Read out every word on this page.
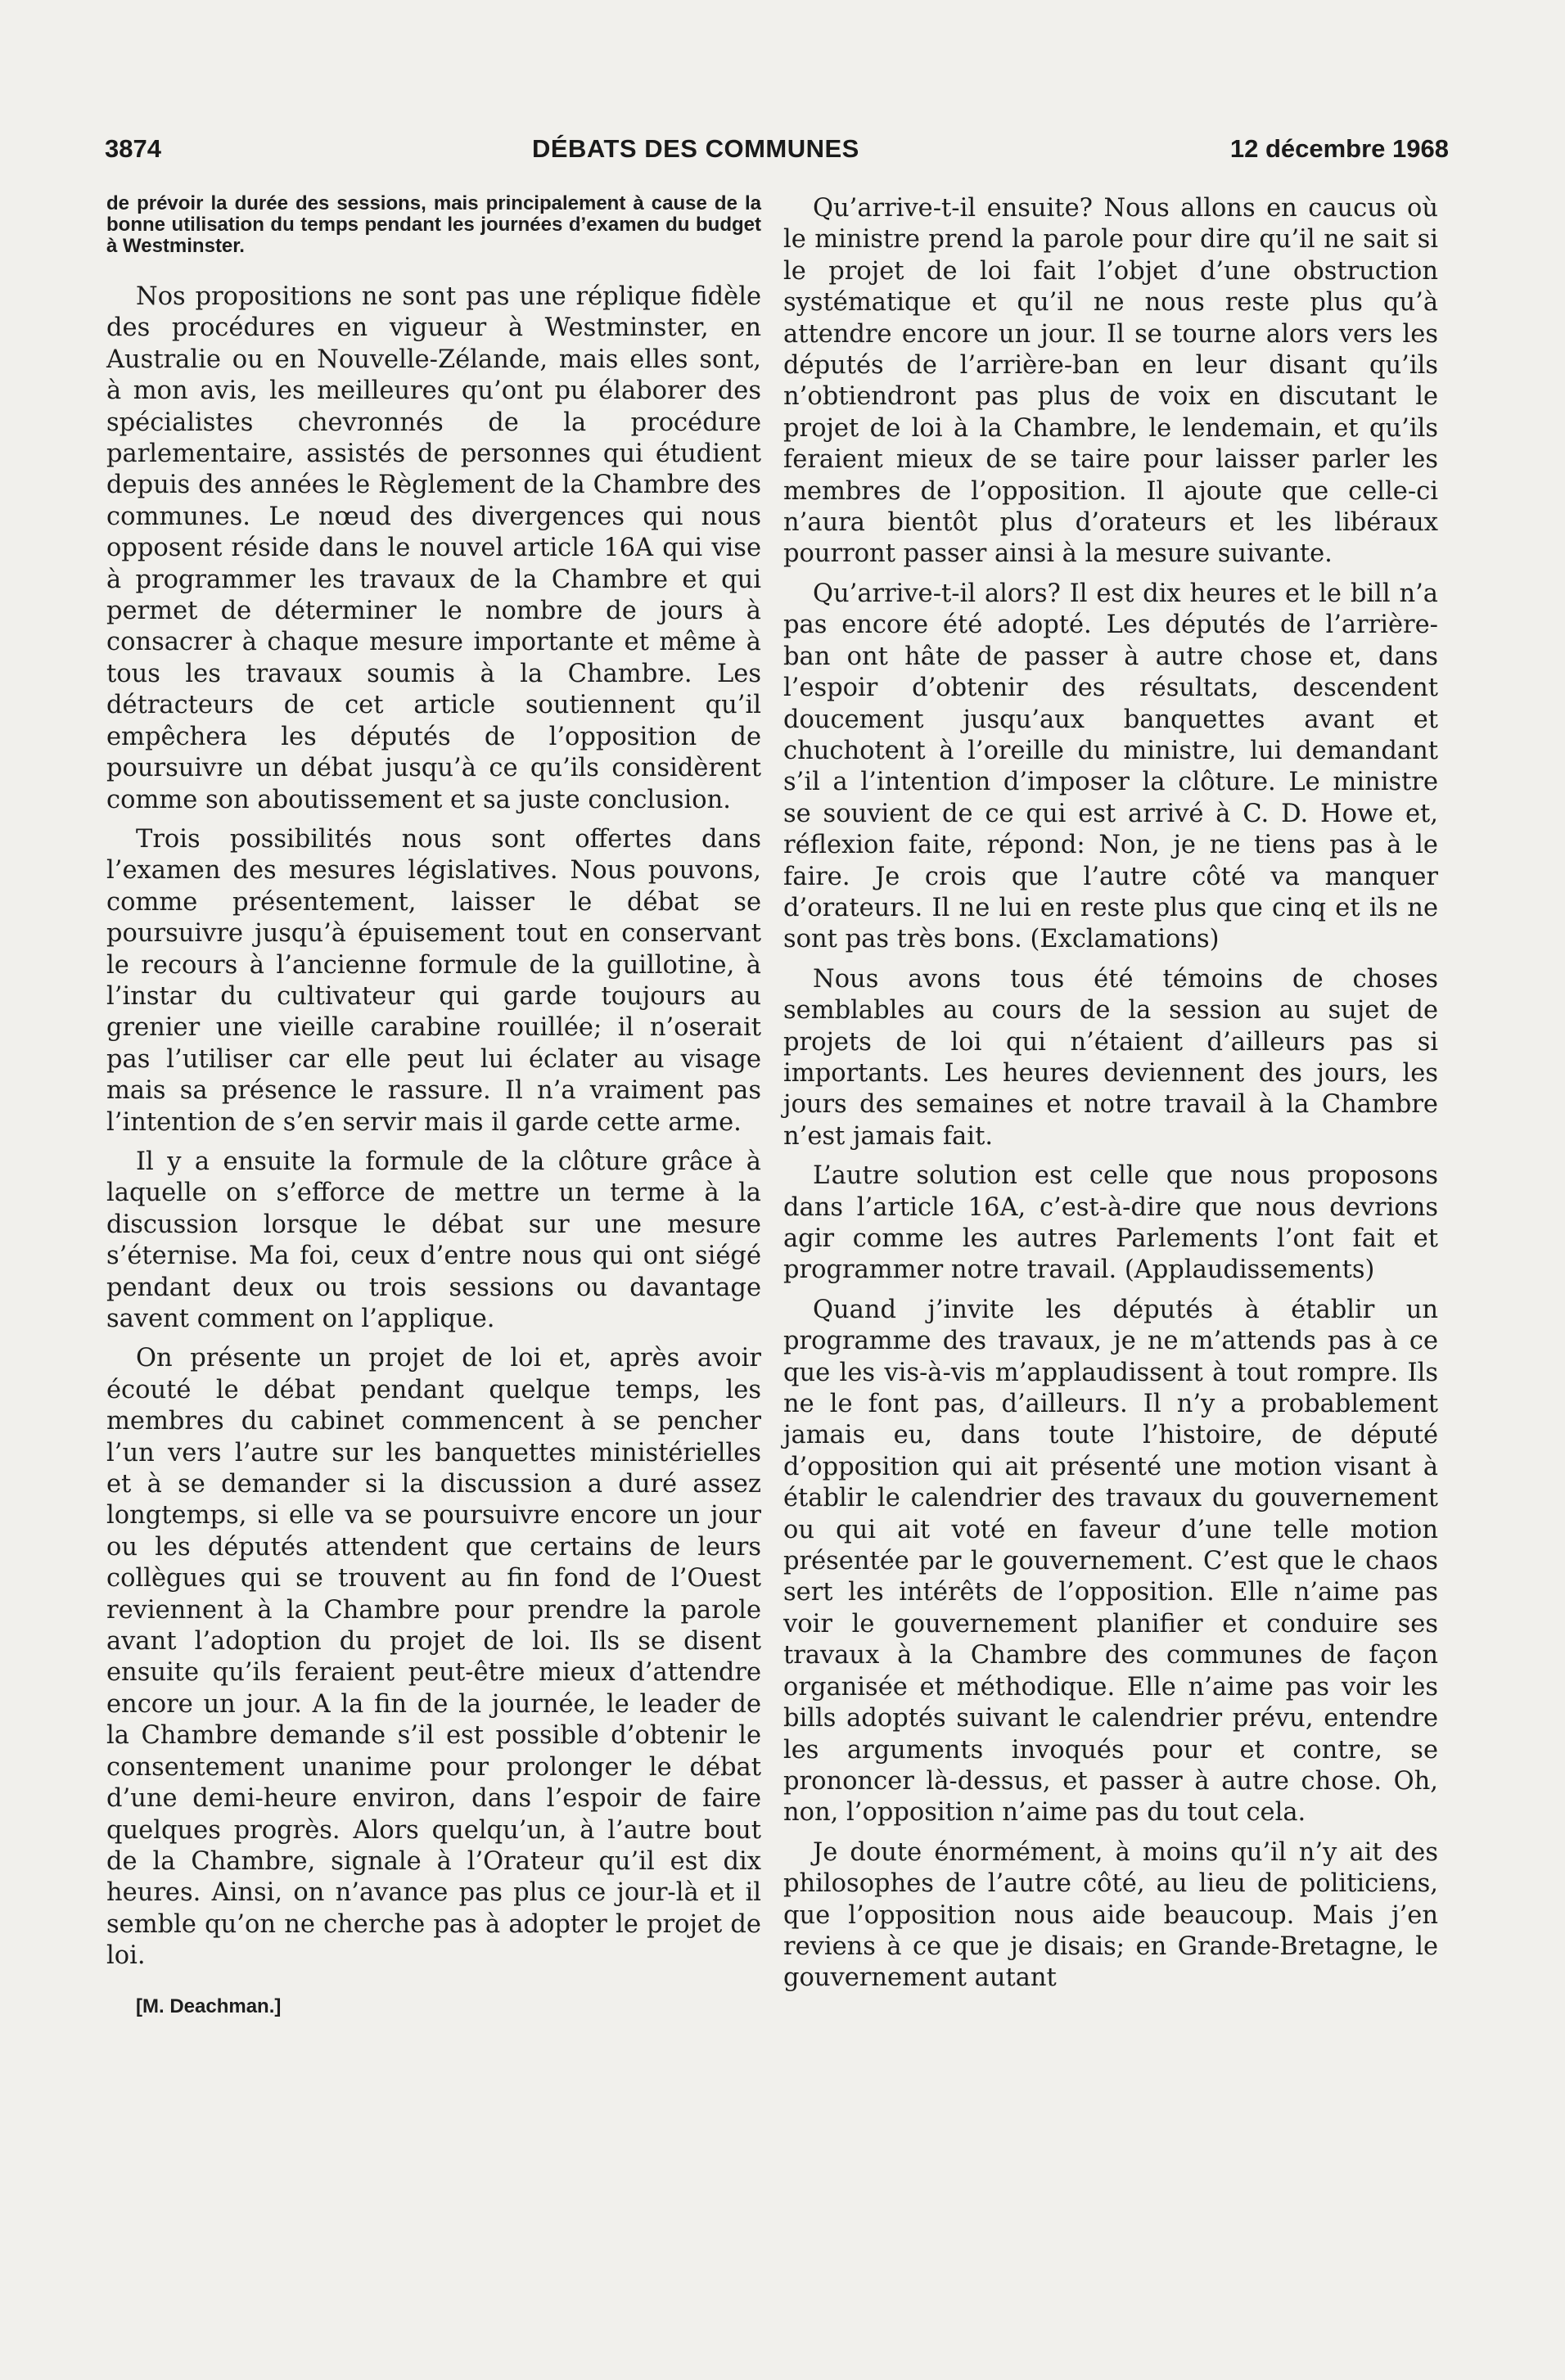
3874	DÉBATS DES COMMUNES	12 décembre 1968

de prévoir la durée des sessions, mais principalement à cause de la bonne utilisation du temps pendant les journées d’examen du budget à Westminster.

Nos propositions ne sont pas une réplique fidèle des procédures en vigueur à Westminster, en Australie ou en Nouvelle-Zélande, mais elles sont, à mon avis, les meilleures qu’ont pu élaborer des spécialistes chevronnés de la procédure parlementaire, assistés de personnes qui étudient depuis des années le Règlement de la Chambre des communes. Le nœud des divergences qui nous opposent réside dans le nouvel article 16A qui vise à programmer les travaux de la Chambre et qui permet de déterminer le nombre de jours à consacrer à chaque mesure importante et même à tous les travaux soumis à la Chambre. Les détracteurs de cet article soutiennent qu’il empêchera les députés de l’opposition de poursuivre un débat jusqu’à ce qu’ils considèrent comme son aboutissement et sa juste conclusion.

Trois possibilités nous sont offertes dans l’examen des mesures législatives. Nous pouvons, comme présentement, laisser le débat se poursuivre jusqu’à épuisement tout en conservant le recours à l’ancienne formule de la guillotine, à l’instar du cultivateur qui garde toujours au grenier une vieille carabine rouillée; il n’oserait pas l’utiliser car elle peut lui éclater au visage mais sa présence le rassure. Il n’a vraiment pas l’intention de s’en servir mais il garde cette arme.

Il y a ensuite la formule de la clôture grâce à laquelle on s’efforce de mettre un terme à la discussion lorsque le débat sur une mesure s’éternise. Ma foi, ceux d’entre nous qui ont siégé pendant deux ou trois sessions ou davantage savent comment on l’applique.

On présente un projet de loi et, après avoir écouté le débat pendant quelque temps, les membres du cabinet commencent à se pencher l’un vers l’autre sur les banquettes ministérielles et à se demander si la discussion a duré assez longtemps, si elle va se poursuivre encore un jour ou les députés attendent que certains de leurs collègues qui se trouvent au fin fond de l’Ouest reviennent à la Chambre pour prendre la parole avant l’adoption du projet de loi. Ils se disent ensuite qu’ils feraient peut-être mieux d’attendre encore un jour. A la fin de la journée, le leader de la Chambre demande s’il est possible d’obtenir le consentement unanime pour prolonger le débat d’une demi-heure environ, dans l’espoir de faire quelques progrès. Alors quelqu’un, à l’autre bout de la Chambre, signale à l’Orateur qu’il est dix heures. Ainsi, on n’avance pas plus ce jour-là et il semble qu’on ne cherche pas à adopter le projet de loi.

[M. Deachman.]

Qu’arrive-t-il ensuite? Nous allons en caucus où le ministre prend la parole pour dire qu’il ne sait si le projet de loi fait l’objet d’une obstruction systématique et qu’il ne nous reste plus qu’à attendre encore un jour. Il se tourne alors vers les députés de l’arrière-ban en leur disant qu’ils n’obtiendront pas plus de voix en discutant le projet de loi à la Chambre, le lendemain, et qu’ils feraient mieux de se taire pour laisser parler les membres de l’opposition. Il ajoute que celle-ci n’aura bientôt plus d’orateurs et les libéraux pourront passer ainsi à la mesure suivante.

Qu’arrive-t-il alors? Il est dix heures et le bill n’a pas encore été adopté. Les députés de l’arrière-ban ont hâte de passer à autre chose et, dans l’espoir d’obtenir des résultats, descendent doucement jusqu’aux banquettes avant et chuchotent à l’oreille du ministre, lui demandant s’il a l’intention d’imposer la clôture. Le ministre se souvient de ce qui est arrivé à C. D. Howe et, réflexion faite, répond: Non, je ne tiens pas à le faire. Je crois que l’autre côté va manquer d’orateurs. Il ne lui en reste plus que cinq et ils ne sont pas très bons. (Exclamations)

Nous avons tous été témoins de choses semblables au cours de la session au sujet de projets de loi qui n’étaient d’ailleurs pas si importants. Les heures deviennent des jours, les jours des semaines et notre travail à la Chambre n’est jamais fait.

L’autre solution est celle que nous proposons dans l’article 16A, c’est-à-dire que nous devrions agir comme les autres Parlements l’ont fait et programmer notre travail. (Applaudissements)

Quand j’invite les députés à établir un programme des travaux, je ne m’attends pas à ce que les vis-à-vis m’applaudissent à tout rompre. Ils ne le font pas, d’ailleurs. Il n’y a probablement jamais eu, dans toute l’histoire, de député d’opposition qui ait présenté une motion visant à établir le calendrier des travaux du gouvernement ou qui ait voté en faveur d’une telle motion présentée par le gouvernement. C’est que le chaos sert les intérêts de l’opposition. Elle n’aime pas voir le gouvernement planifier et conduire ses travaux à la Chambre des communes de façon organisée et méthodique. Elle n’aime pas voir les bills adoptés suivant le calendrier prévu, entendre les arguments invoqués pour et contre, se prononcer là-dessus, et passer à autre chose. Oh, non, l’opposition n’aime pas du tout cela.

Je doute énormément, à moins qu’il n’y ait des philosophes de l’autre côté, au lieu de politiciens, que l’opposition nous aide beaucoup. Mais j’en reviens à ce que je disais; en Grande-Bretagne, le gouvernement autant
